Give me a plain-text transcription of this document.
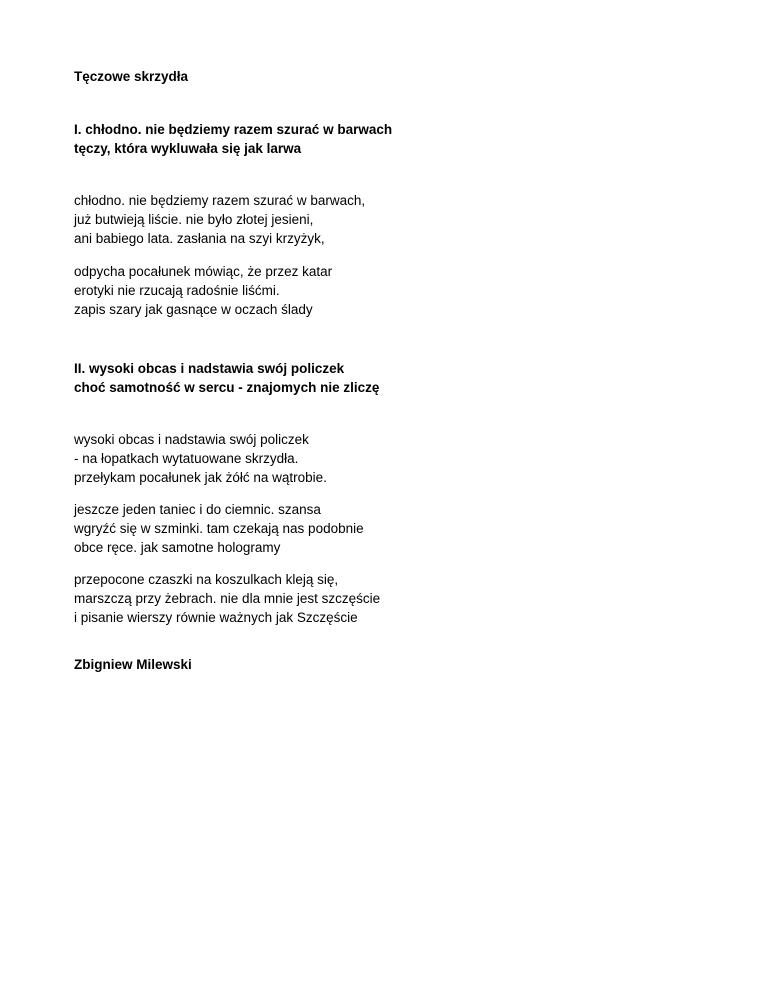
Tęczowe skrzydła

I. chłodno. nie będziemy razem szurać w barwach

tęczy, która wykluwała się jak larwa

chłodno. nie będziemy razem szurać w barwach,

już butwieją liście. nie było złotej jesieni,

ani babiego lata. zasłania na szyi krzyżyk,

odpycha pocałunek mówiąc, że przez katar

erotyki nie rzucają radośnie liśćmi.

zapis szary jak gasnące w oczach ślady

II. wysoki obcas i nadstawia swój policzek

choć samotność w sercu - znajomych nie zliczę

wysoki obcas i nadstawia swój policzek

- na łopatkach wytatuowane skrzydła.

przełykam pocałunek jak żółć na wątrobie.

jeszcze jeden taniec i do ciemnic. szansa

wgryźć się w szminki. tam czekają nas podobnie

obce ręce. jak samotne hologramy

przepocone czaszki na koszulkach kleją się,

marszczą przy żebrach. nie dla mnie jest szczęście

i pisanie wierszy równie ważnych jak Szczęście

Zbigniew Milewski
